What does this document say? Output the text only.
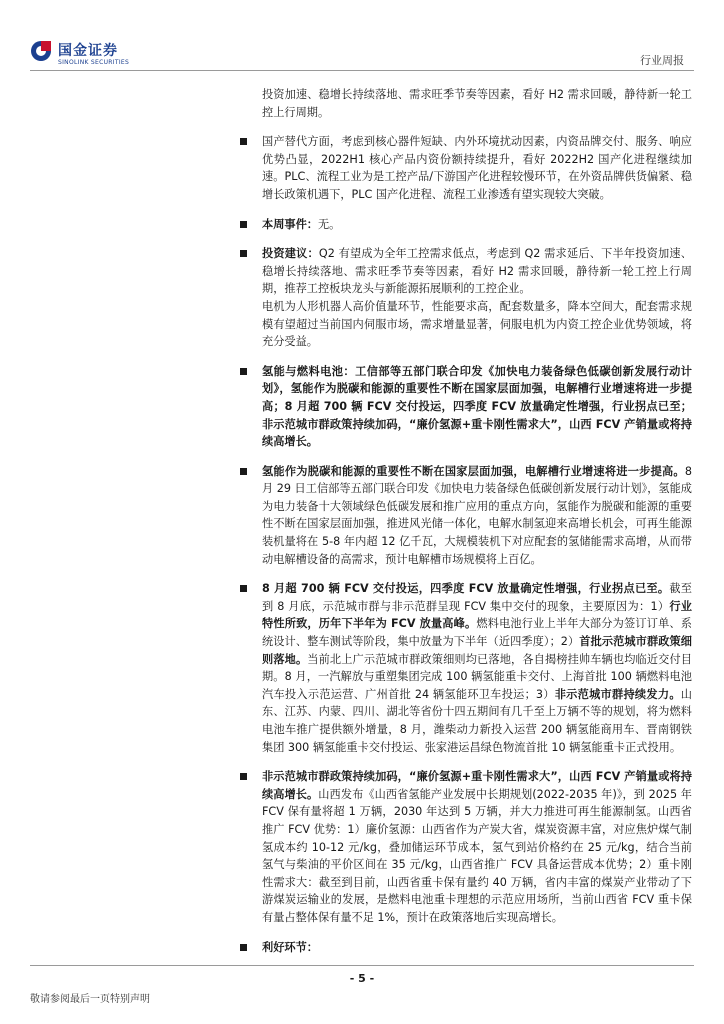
国金证券
SINOLINK SECURITIES	行业周报

投资加速、稳增长持续落地、需求旺季节奏等因素，看好 H2 需求回暖，静待新一轮工控上行周期。

国产替代方面，考虑到核心器件短缺、内外环境扰动因素，内资品牌交付、服务、响应优势凸显，2022H1 核心产品内资份额持续提升，看好 2022H2 国产化进程继续加速。PLC、流程工业为是工控产品/下游国产化进程较慢环节，在外资品牌供货偏紧、稳增长政策机遇下，PLC 国产化进程、流程工业渗透有望实现较大突破。
本周事件：无。
投资建议：Q2 有望成为全年工控需求低点，考虑到 Q2 需求延后、下半年投资加速、稳增长持续落地、需求旺季节奏等因素，看好 H2 需求回暖，静待新一轮工控上行周期，推荐工控板块龙头与新能源拓展顺利的工控企业。

电机为人形机器人高价值量环节，性能要求高，配套数量多，降本空间大，配套需求规模有望超过当前国内伺服市场，需求增量显著，伺服电机为内资工控企业优势领域，将充分受益。

氢能与燃料电池：工信部等五部门联合印发《加快电力装备绿色低碳创新发展行动计划》，氢能作为脱碳和能源的重要性不断在国家层面加强，电解槽行业增速将进一步提高；8 月超 700 辆 FCV 交付投运，四季度 FCV 放量确定性增强，行业拐点已至；非示范城市群政策持续加码，“廉价氢源+重卡刚性需求大”，山西 FCV 产销量或将持续高增长。
氢能作为脱碳和能源的重要性不断在国家层面加强，电解槽行业增速将进一步提高。8 月 29 日工信部等五部门联合印发《加快电力装备绿色低碳创新发展行动计划》，氢能成为电力装备十大领域绿色低碳发展和推广应用的重点方向，氢能作为脱碳和能源的重要性不断在国家层面加强，推进风光储一体化，电解水制氢迎来高增长机会，可再生能源装机量将在 5-8 年内超 12 亿千瓦，大规模装机下对应配套的氢储能需求高增，从而带动电解槽设备的高需求，预计电解槽市场规模将上百亿。
8 月超 700 辆 FCV 交付投运，四季度 FCV 放量确定性增强，行业拐点已至。截至到 8 月底，示范城市群与非示范群呈现 FCV 集中交付的现象，主要原因为：1）行业特性所致，历年下半年为 FCV 放量高峰。燃料电池行业上半年大部分为签订订单、系统设计、整车测试等阶段，集中放量为下半年（近四季度）；2）首批示范城市群政策细则落地。当前北上广示范城市群政策细则均已落地，各自揭榜挂帅车辆也均临近交付目期。8 月，一汽解放与重塑集团完成 100 辆氢能重卡交付、上海首批 100 辆燃料电池汽车投入示范运营、广州首批 24 辆氢能环卫车投运；3）非示范城市群持续发力。山东、江苏、内蒙、四川、湖北等省份十四五期间有几千至上万辆不等的规划，将为燃料电池车推广提供额外增量，8 月，潍柴动力新投入运营 200 辆氢能商用车、晋南钢铁集团 300 辆氢能重卡交付投运、张家港运昌绿色物流首批 10 辆氢能重卡正式投用。
非示范城市群政策持续加码，“廉价氢源+重卡刚性需求大”，山西 FCV 产销量或将持续高增长。山西发布《山西省氢能产业发展中长期规划(2022-2035 年)》，到 2025 年 FCV 保有量将超 1 万辆，2030 年达到 5 万辆，并大力推进可再生能源制氢。山西省推广 FCV 优势：1）廉价氢源：山西省作为产炭大省，煤炭资源丰富，对应焦炉煤气制氢成本约 10-12 元/kg，叠加储运环节成本，氢气到站价格约在 25 元/kg，结合当前氢气与柴油的平价区间在 35 元/kg，山西省推广 FCV 具备运营成本优势；2）重卡刚性需求大：截至到目前，山西省重卡保有量约 40 万辆，省内丰富的煤炭产业带动了下游煤炭运输业的发展，是燃料电池重卡理想的示范应用场所，当前山西省 FCV 重卡保有量占整体保有量不足 1%，预计在政策落地后实现高增长。
利好环节：
- 5 -
敬请参阅最后一页特别声明
